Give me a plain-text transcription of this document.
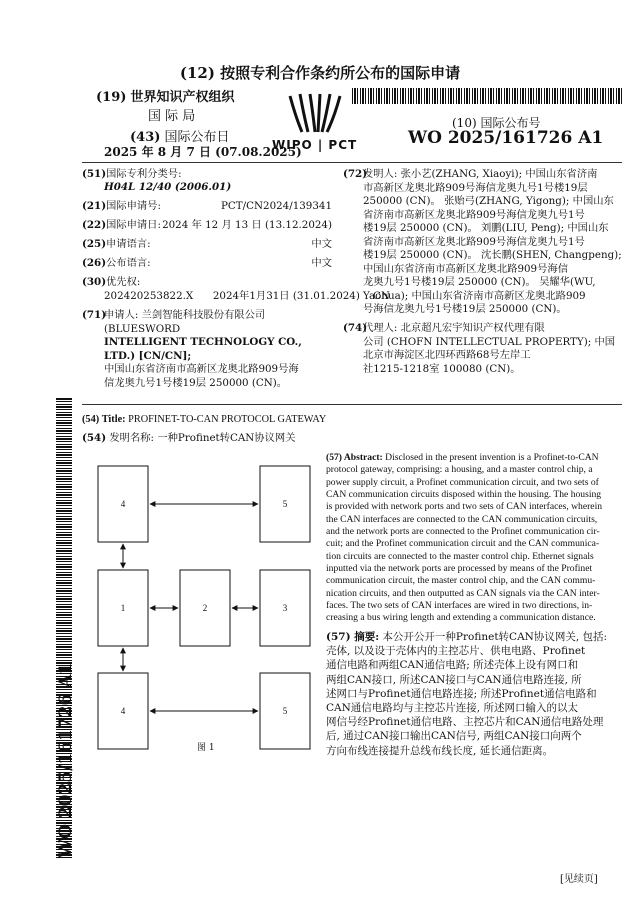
(12) 按照专利合作条约所公布的国际申请
(19) 世界知识产权组织
国 际 局
(43) 国际公布日
2025 年 8 月 7 日 (07.08.2025)
WIPO | PCT
(10) 国际公布号
WO 2025/161726 A1
(51) 国际专利分类号:
H04L 12/40 (2006.01)
(21) 国际申请号:	PCT/CN2024/139341
(22) 国际申请日: 2024 年 12 月 13 日 (13.12.2024)
(25) 申请语言:	中文
(26) 公布语言:	中文
(30) 优先权:
202420253822.X      2024年1月31日 (31.01.2024)    CN
(71)
申请人: 兰剑智能科技股份有限公司(BLUESWORD
INTELLIGENT TECHNOLOGY CO., LTD.) [CN/CN];
中国山东省济南市高新区龙奥北路909号海
信龙奥九号1号楼19层 250000 (CN)。
(72)
发明人: 张小艺(ZHANG, Xiaoyi); 中国山东省济南
市高新区龙奥北路909号海信龙奥九号1号楼19层
250000 (CN)。 张贻弓(ZHANG, Yigong); 中国山东
省济南市高新区龙奥北路909号海信龙奥九号1号
楼19层 250000 (CN)。 刘鹏(LIU, Peng); 中国山东
省济南市高新区龙奥北路909号海信龙奥九号1号
楼19层 250000 (CN)。 沈长鹏(SHEN, Changpeng);
中国山东省济南市高新区龙奥北路909号海信
龙奥九号1号楼19层 250000 (CN)。 吴耀华(WU,
Yaohua); 中国山东省济南市高新区龙奥北路909
号海信龙奥九号1号楼19层 250000 (CN)。
(74)
代理人: 北京超凡宏宇知识产权代理有限
公司 (CHOFN INTELLECTUAL PROPERTY); 中国
北京市海淀区北四环西路68号左岸工
社1215-1218室 100080 (CN)。
WO 2025/161726 A1
(54) Title: PROFINET-TO-CAN PROTOCOL GATEWAY
(54) 发明名称: 一种Profinet转CAN协议网关
4	5
1	2	3
4	5
图 1
(57) Abstract: Disclosed in the present invention is a Profinet-to-CAN
protocol gateway, comprising: a housing, and a master control chip, a
power supply circuit, a Profinet communication circuit, and two sets of
CAN communication circuits disposed within the housing. The housing
is provided with network ports and two sets of CAN interfaces, wherein
the CAN interfaces are connected to the CAN communication circuits,
and the network ports are connected to the Profinet communication cir-
cuit; and the Profinet communication circuit and the CAN communica-
tion circuits are connected to the master control chip. Ethernet signals
inputted via the network ports are processed by means of the Profinet
communication circuit, the master control chip, and the CAN commu-
nication circuits, and then outputted as CAN signals via the CAN inter-
faces. The two sets of CAN interfaces are wired in two directions, in-
creasing a bus wiring length and extending a communication distance.
(57) 摘要: 本公开公开一种Profinet转CAN协议网关, 包括:
壳体, 以及设于壳体内的主控芯片、供电电路、Profinet
通信电路和两组CAN通信电路; 所述壳体上设有网口和
两组CAN接口, 所述CAN接口与CAN通信电路连接, 所
述网口与Profinet通信电路连接; 所述Profinet通信电路和
CAN通信电路均与主控芯片连接, 所述网口输入的以太
网信号经Profinet通信电路、主控芯片和CAN通信电路处理
后, 通过CAN接口输出CAN信号, 两组CAN接口向两个
方向布线连接提升总线布线长度, 延长通信距离。
[见续页]
